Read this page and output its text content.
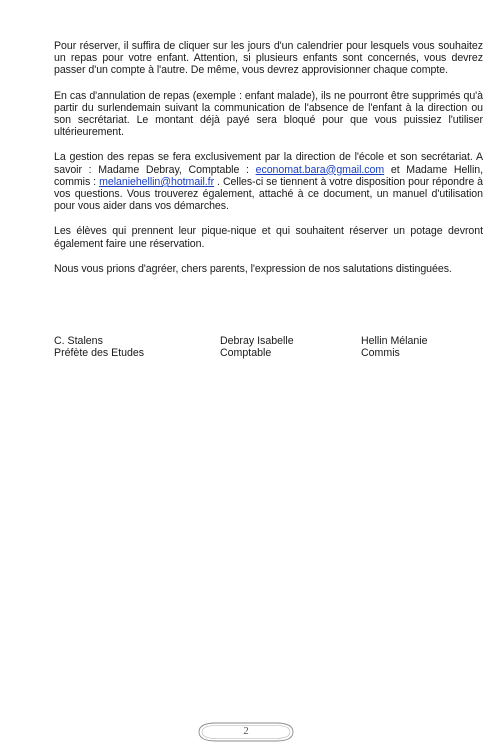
Pour réserver, il suffira de cliquer sur les jours d'un calendrier pour lesquels vous souhaitez un repas pour votre enfant. Attention, si plusieurs enfants sont concernés, vous devrez passer d'un compte à l'autre. De même, vous devrez approvisionner chaque compte.

En cas d'annulation de repas (exemple : enfant malade), ils ne pourront être supprimés qu'à partir du surlendemain suivant la communication de l'absence de l'enfant à la direction ou son secrétariat. Le montant déjà payé sera bloqué pour que vous puissiez l'utiliser ultérieurement.

La gestion des repas se fera exclusivement par la direction de l'école et son secrétariat. A savoir : Madame Debray, Comptable : economat.bara@gmail.com et Madame Hellin, commis : melaniehellin@hotmail.fr . Celles-ci se tiennent à votre disposition pour répondre à vos questions. Vous trouverez également, attaché à ce document, un manuel d'utilisation pour vous aider dans vos démarches.

Les élèves qui prennent leur pique-nique et qui souhaitent réserver un potage devront également faire une réservation.

Nous vous prions d'agréer, chers parents, l'expression de nos salutations distinguées.

C. Stalens
Préfète des Etudes
Debray Isabelle
Comptable
Hellin Mélanie
Commis
2
